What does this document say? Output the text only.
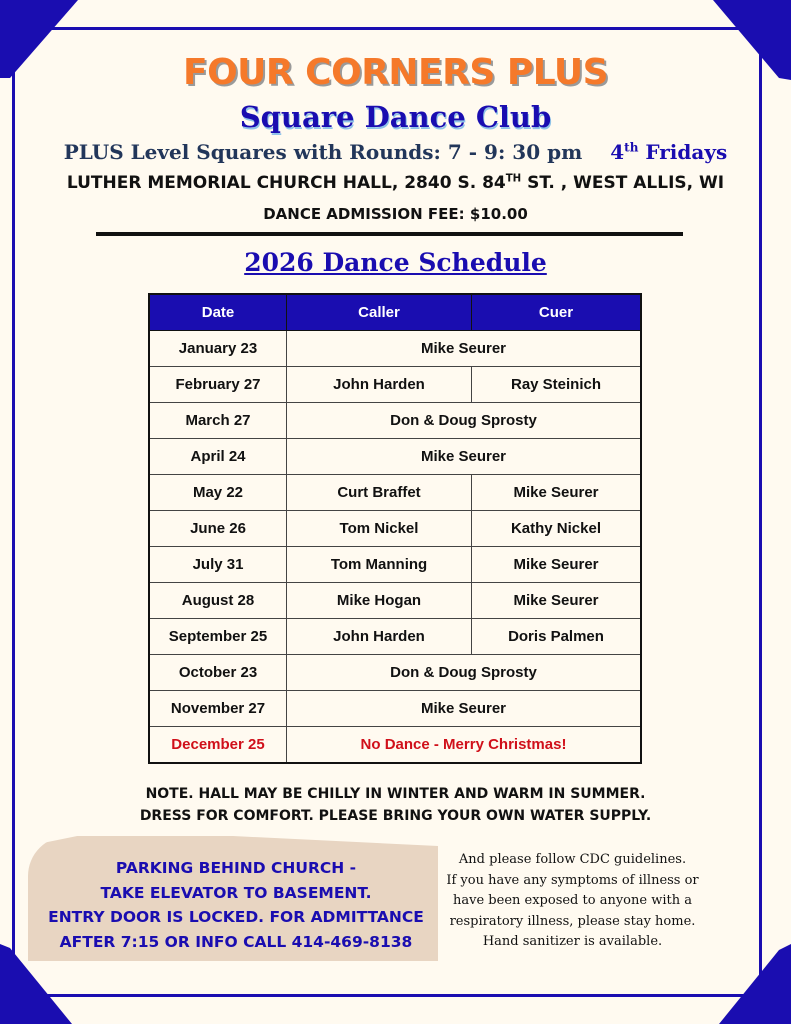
FOUR CORNERS PLUS
Square Dance Club
PLUS Level Squares with Rounds: 7 - 9: 30 pm 4th Fridays
LUTHER MEMORIAL CHURCH HALL, 2840 S. 84TH ST. , WEST ALLIS, WI
DANCE ADMISSION FEE: $10.00
2026 Dance Schedule
Date	Caller	Cuer
January 23	Mike Seurer	
February 27	John Harden	Ray Steinich
March 27	Don & Doug Sprosty	
April 24	Mike Seurer	
May 22	Curt Braffet	Mike Seurer
June 26	Tom Nickel	Kathy Nickel
July 31	Tom Manning	Mike Seurer
August 28	Mike Hogan	Mike Seurer
September 25	John Harden	Doris Palmen
October 23	Don & Doug Sprosty	
November 27	Mike Seurer	
December 25	No Dance - Merry Christmas!	
NOTE. HALL MAY BE CHILLY IN WINTER AND WARM IN SUMMER.
DRESS FOR COMFORT. PLEASE BRING YOUR OWN WATER SUPPLY.
PARKING BEHIND CHURCH -
TAKE ELEVATOR TO BASEMENT.
ENTRY DOOR IS LOCKED. FOR ADMITTANCE
AFTER 7:15 OR INFO CALL 414-469-8138
And please follow CDC guidelines.
If you have any symptoms of illness or
have been exposed to anyone with a
respiratory illness, please stay home.
Hand sanitizer is available.
